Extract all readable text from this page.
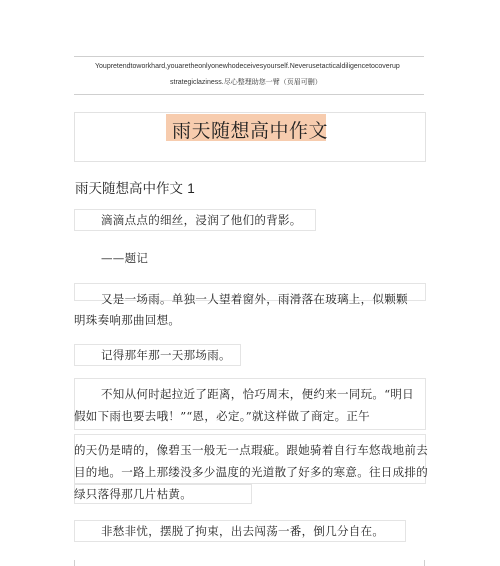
Youpretendtoworkhard,youaretheonlyonewhodeceivesyourself.Neverusetacticaldiligencetocoverup
strategiclaziness.尽心整理助您一臂（页眉可删）
雨天随想高中作文
雨天随想高中作文 1
滴滴点点的细丝，浸润了他们的背影。
——题记
又是一场雨。单独一人望着窗外，雨滑落在玻璃上，似颗颗
明珠奏响那曲回想。
记得那年那一天那场雨。
不知从何时起拉近了距离，恰巧周末，便约来一同玩。“明日
假如下雨也要去哦！”“恩，必定。”就这样做了商定。正午
的天仍是晴的，像碧玉一般无一点瑕疵。跟她骑着自行车悠哉地前去
目的地。一路上那缕没多少温度的光道散了好多的寒意。往日成排的
绿只落得那几片枯黄。
非愁非忧，摆脱了拘束，出去闯荡一番，倒几分自在。
